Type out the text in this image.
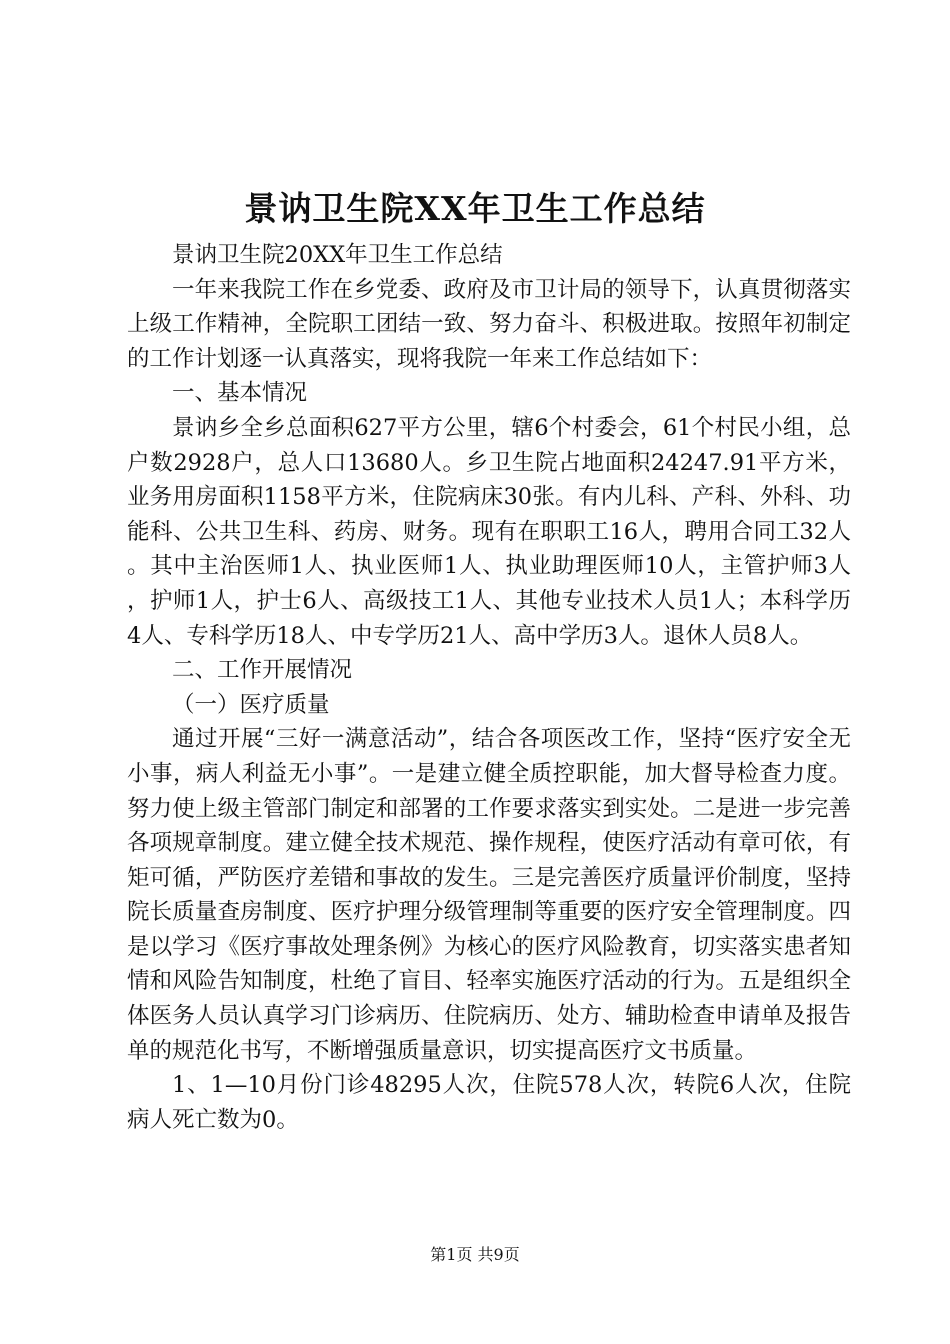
景讷卫生院XX年卫生工作总结

景讷卫生院20XX年卫生工作总结

一年来我院工作在乡党委、政府及市卫计局的领导下，认真贯彻落实上级工作精神，全院职工团结一致、努力奋斗、积极进取。按照年初制定的工作计划逐一认真落实，现将我院一年来工作总结如下：

一、基本情况

景讷乡全乡总面积627平方公里，辖6个村委会，61个村民小组，总户数2928户，总人口13680人。乡卫生院占地面积24247.91平方米，业务用房面积1158平方米，住院病床30张。有内儿科、产科、外科、功能科、公共卫生科、药房、财务。现有在职职工16人，聘用合同工32人。其中主治医师1人、执业医师1人、执业助理医师10人，主管护师3人，护师1人，护士6人、高级技工1人、其他专业技术人员1人；本科学历4人、专科学历18人、中专学历21人、高中学历3人。退休人员8人。

二、工作开展情况

（一）医疗质量

通过开展“三好一满意活动”，结合各项医改工作，坚持“医疗安全无小事，病人利益无小事”。一是建立健全质控职能，加大督导检查力度。努力使上级主管部门制定和部署的工作要求落实到实处。二是进一步完善各项规章制度。建立健全技术规范、操作规程，使医疗活动有章可依，有矩可循，严防医疗差错和事故的发生。三是完善医疗质量评价制度，坚持院长质量查房制度、医疗护理分级管理制等重要的医疗安全管理制度。四是以学习《医疗事故处理条例》为核心的医疗风险教育，切实落实患者知情和风险告知制度，杜绝了盲目、轻率实施医疗活动的行为。五是组织全体医务人员认真学习门诊病历、住院病历、处方、辅助检查申请单及报告单的规范化书写，不断增强质量意识，切实提高医疗文书质量。

1、1—10月份门诊48295人次，住院578人次，转院6人次，住院病人死亡数为0。

第1页 共9页
